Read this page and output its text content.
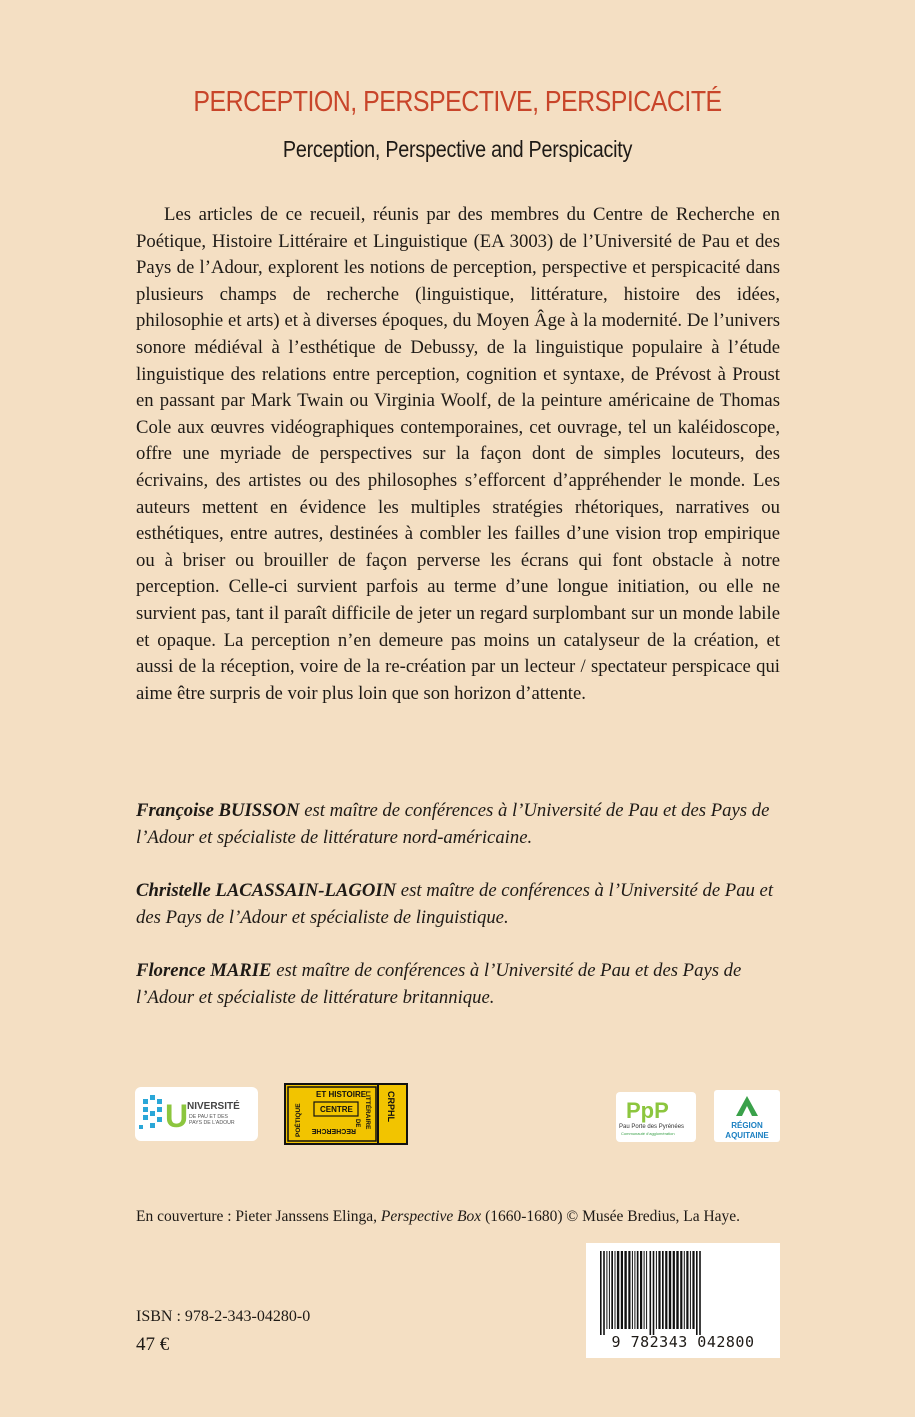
PERCEPTION, PERSPECTIVE, PERSPICACITÉ
Perception, Perspective and Perspicacity

Les articles de ce recueil, réunis par des membres du Centre de Recherche en Poétique, Histoire Littéraire et Linguistique (EA 3003) de l’Université de Pau et des Pays de l’Adour, explorent les notions de perception, perspective et perspicacité dans plusieurs champs de recherche (linguistique, littérature, histoire des idées, philosophie et arts) et à diverses époques, du Moyen Âge à la modernité. De l’univers sonore médiéval à l’esthétique de Debussy, de la linguistique populaire à l’étude linguistique des relations entre perception, cognition et syntaxe, de Prévost à Proust en passant par Mark Twain ou Virginia Woolf, de la peinture américaine de Thomas Cole aux œuvres vidéographiques contemporaines, cet ouvrage, tel un kaléidoscope, offre une myriade de perspectives sur la façon dont de simples locuteurs, des écrivains, des artistes ou des philosophes s’efforcent d’appréhender le monde. Les auteurs mettent en évidence les multiples stratégies rhétoriques, narratives ou esthétiques, entre autres, destinées à combler les failles d’une vision trop empirique ou à briser ou brouiller de façon perverse les écrans qui font obstacle à notre perception. Celle-ci survient parfois au terme d’une longue initiation, ou elle ne survient pas, tant il paraît difficile de jeter un regard surplombant sur un monde labile et opaque. La perception n’en demeure pas moins un catalyseur de la création, et aussi de la réception, voire de la re-création par un lecteur / spectateur perspicace qui aime être surpris de voir plus loin que son horizon d’attente.

Françoise BUISSON est maître de conférences à l’Université de Pau et des Pays de l’Adour et spécialiste de littérature nord-américaine.

Christelle LACASSAIN-LAGOIN est maître de conférences à l’Université de Pau et des Pays de l’Adour et spécialiste de linguistique.

Florence MARIE est maître de conférences à l’Université de Pau et des Pays de l’Adour et spécialiste de littérature britannique.

U
NIVERSITÉ
DE PAU ET DES
PAYS DE L’ADOUR
ET HISTOIRE
CENTRE
RECHERCHE
POÉTIQUE	LITTÉRAIRE
DE
CRPHL	PpP
Pau Porte des Pyrénées
Communauté d’agglomération
RÉGION
AQUITAINE
En couverture : Pieter Janssens Elinga, Perspective Box (1660-1680) © Musée Bredius, La Haye.
ISBN : 978-2-343-04280-0
47 €	9 782343 042800
